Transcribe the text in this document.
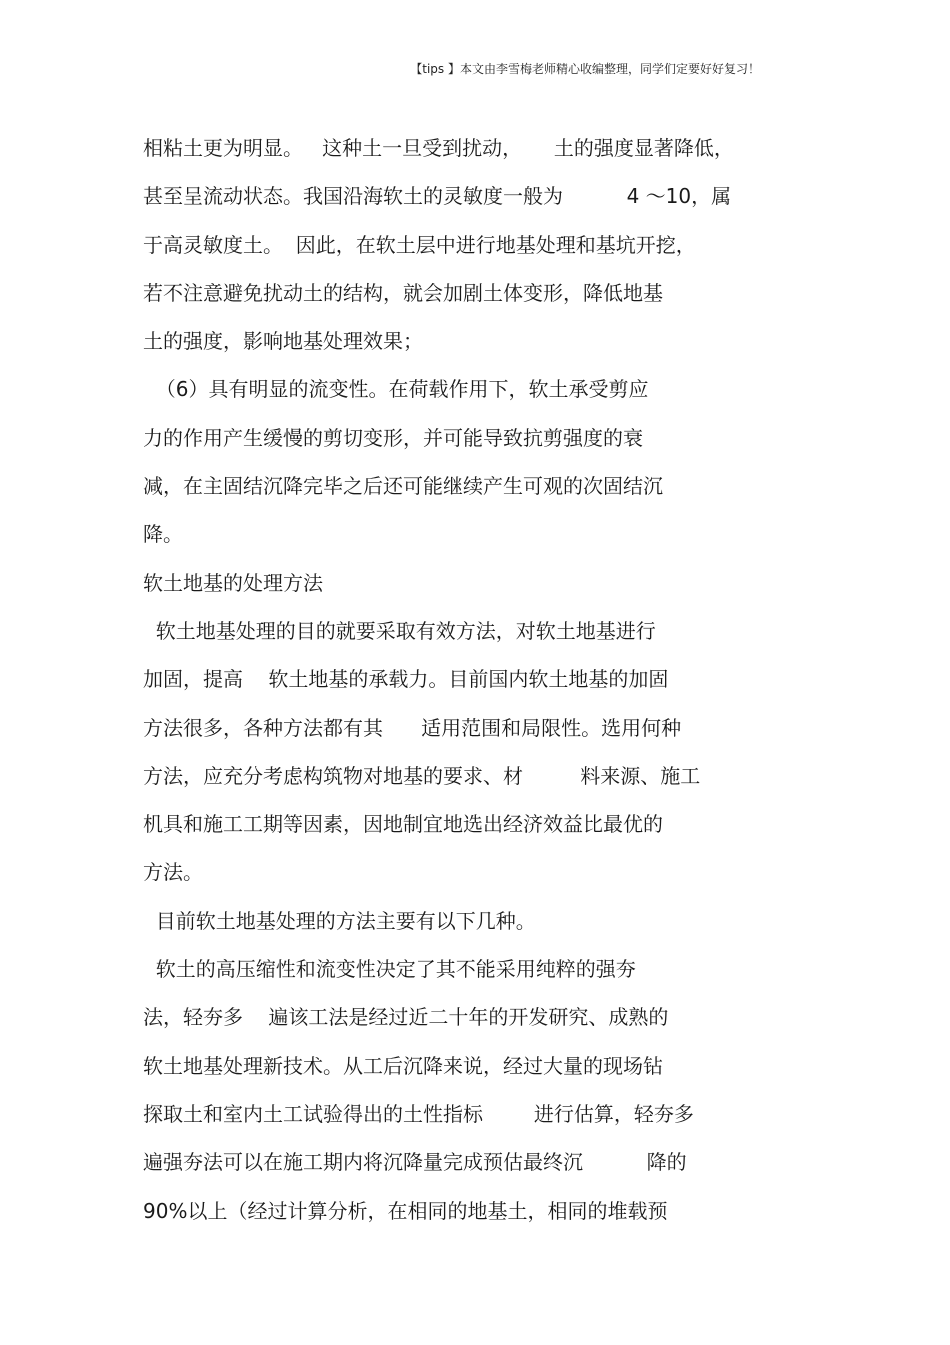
【tips 】本文由李雪梅老师精心收编整理，同学们定要好好复习！
相粘土更为明显。   这种土一旦受到扰动，     土的强度显著降低，
甚至呈流动状态。我国沿海软土的灵敏度一般为          4 ～10，属
于高灵敏度土。  因此，在软土层中进行地基处理和基坑开挖，
若不注意避免扰动土的结构，就会加剧土体变形，降低地基
土的强度，影响地基处理效果；
（6）具有明显的流变性。在荷载作用下，软土承受剪应
力的作用产生缓慢的剪切变形，并可能导致抗剪强度的衰
减，在主固结沉降完毕之后还可能继续产生可观的次固结沉
降。
软土地基的处理方法
软土地基处理的目的就要采取有效方法，对软土地基进行
加固，提高    软土地基的承载力。目前国内软土地基的加固
方法很多，各种方法都有其      适用范围和局限性。选用何种
方法，应充分考虑构筑物对地基的要求、材         料来源、施工
机具和施工工期等因素，因地制宜地选出经济效益比最优的
方法。
目前软土地基处理的方法主要有以下几种。
软土的高压缩性和流变性决定了其不能采用纯粹的强夯
法，轻夯多    遍该工法是经过近二十年的开发研究、成熟的
软土地基处理新技术。从工后沉降来说，经过大量的现场钻
探取土和室内土工试验得出的土性指标        进行估算，轻夯多
遍强夯法可以在施工期内将沉降量完成预估最终沉          降的
90%以上（经过计算分析，在相同的地基土，相同的堆载预
